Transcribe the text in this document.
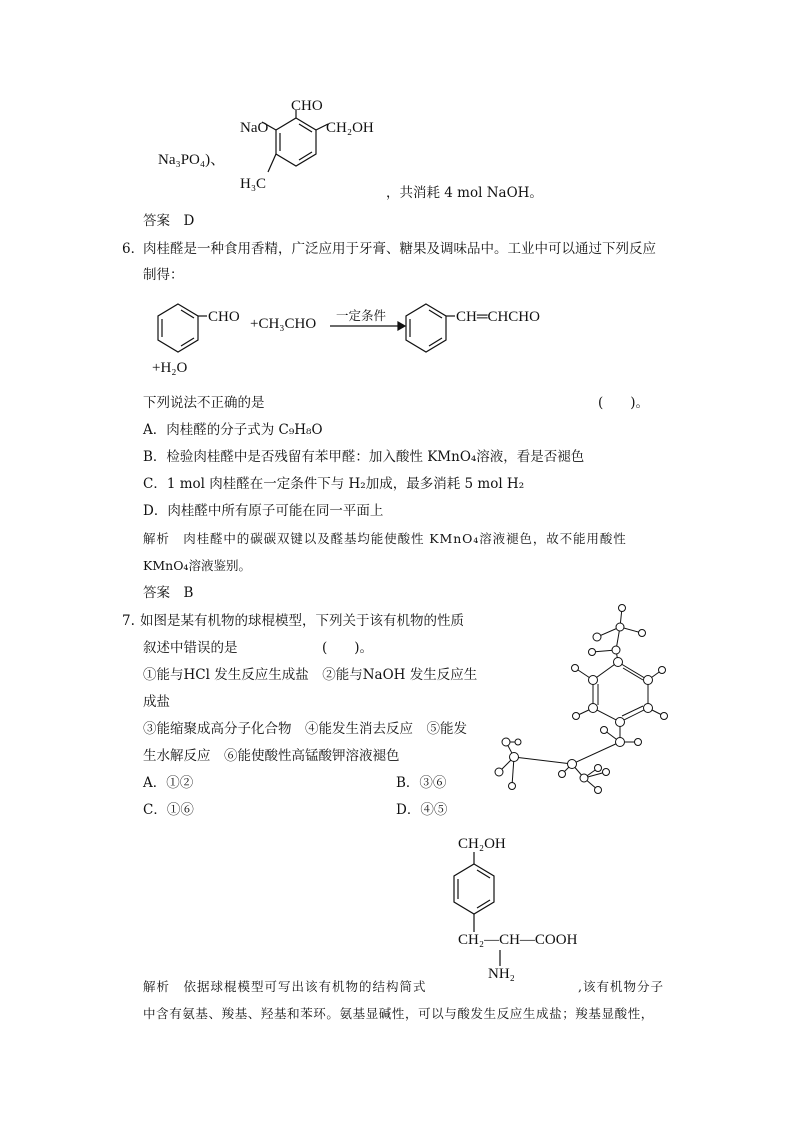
CHO
NaO	CH₂OH
Na₃PO₄)、
H₃C
，共消耗 4 mol NaOH。
答案　D
6．
肉桂醛是一种食用香精，广泛应用于牙膏、糖果及调味品中。工业中可以通过下列反应
制得：
CHO +CH₃CHO
一定条件	CH═CHCHO
+H₂O
下列说法不正确的是	(　　)。
A．肉桂醛的分子式为 C₉H₈O
B．检验肉桂醛中是否残留有苯甲醛：加入酸性 KMnO₄溶液，看是否褪色
C．1 mol 肉桂醛在一定条件下与 H₂加成，最多消耗 5 mol H₂
D．肉桂醛中所有原子可能在同一平面上
解析　肉桂醛中的碳碳双键以及醛基均能使酸性 KMnO₄溶液褪色，故不能用酸性
KMnO₄溶液鉴别。
答案　B
7. 如图是某有机物的球棍模型，下列关于该有机物的性质
叙述中错误的是	(　　)。
①能与HCl 发生反应生成盐　②能与NaOH 发生反应生
成盐
③能缩聚成高分子化合物　④能发生消去反应　⑤能发
生水解反应　⑥能使酸性高锰酸钾溶液褪色
A．①②	B．③⑥
C．①⑥	D．④⑤
CH₂OH
CH₂—CH—COOH
NH₂
解析　依据球棍模型可写出该有机物的结构简式	,该有机物分子
中含有氨基、羧基、羟基和苯环。氨基显碱性，可以与酸发生反应生成盐；羧基显酸性，
